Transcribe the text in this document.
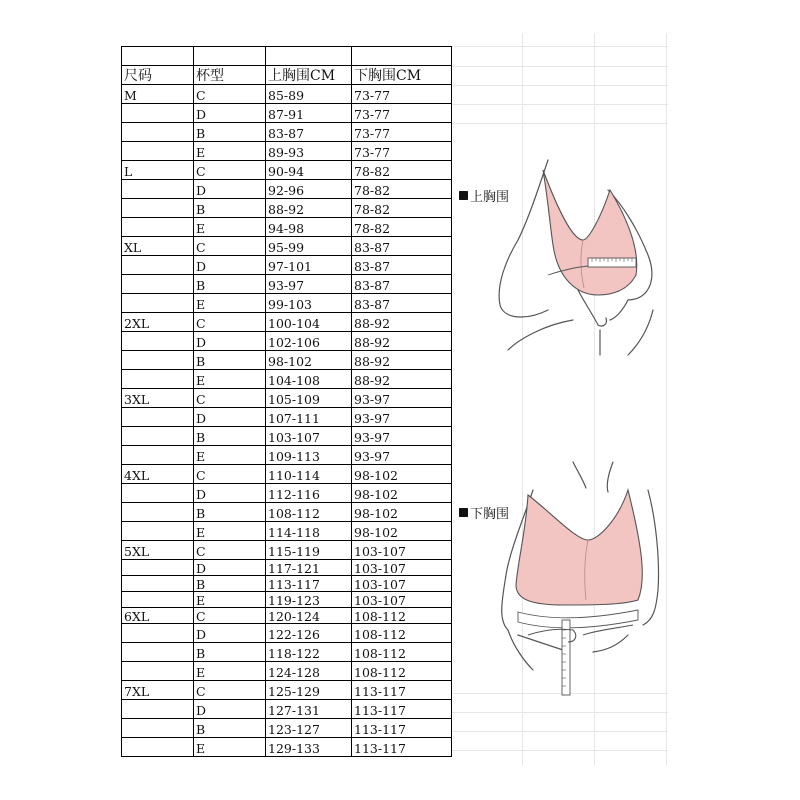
尺码	杯型	上胸围CM	下胸围CM
M	C	85-89	73-77
	D	87-91	73-77
	B	83-87	73-77
	E	89-93	73-77
L	C	90-94	78-82
	D	92-96	78-82
	B	88-92	78-82
	E	94-98	78-82
XL	C	95-99	83-87
	D	97-101	83-87
	B	93-97	83-87
	E	99-103	83-87
2XL	C	100-104	88-92
	D	102-106	88-92
	B	98-102	88-92
	E	104-108	88-92
3XL	C	105-109	93-97
	D	107-111	93-97
	B	103-107	93-97
	E	109-113	93-97
4XL	C	110-114	98-102
	D	112-116	98-102
	B	108-112	98-102
	E	114-118	98-102
5XL	C	115-119	103-107
	D	117-121	103-107
	B	113-117	103-107
	E	119-123	103-107
6XL	C	120-124	108-112
	D	122-126	108-112
	B	118-122	108-112
	E	124-128	108-112
7XL	C	125-129	113-117
	D	127-131	113-117
	B	123-127	113-117
	E	129-133	113-117
上胸围
下胸围
